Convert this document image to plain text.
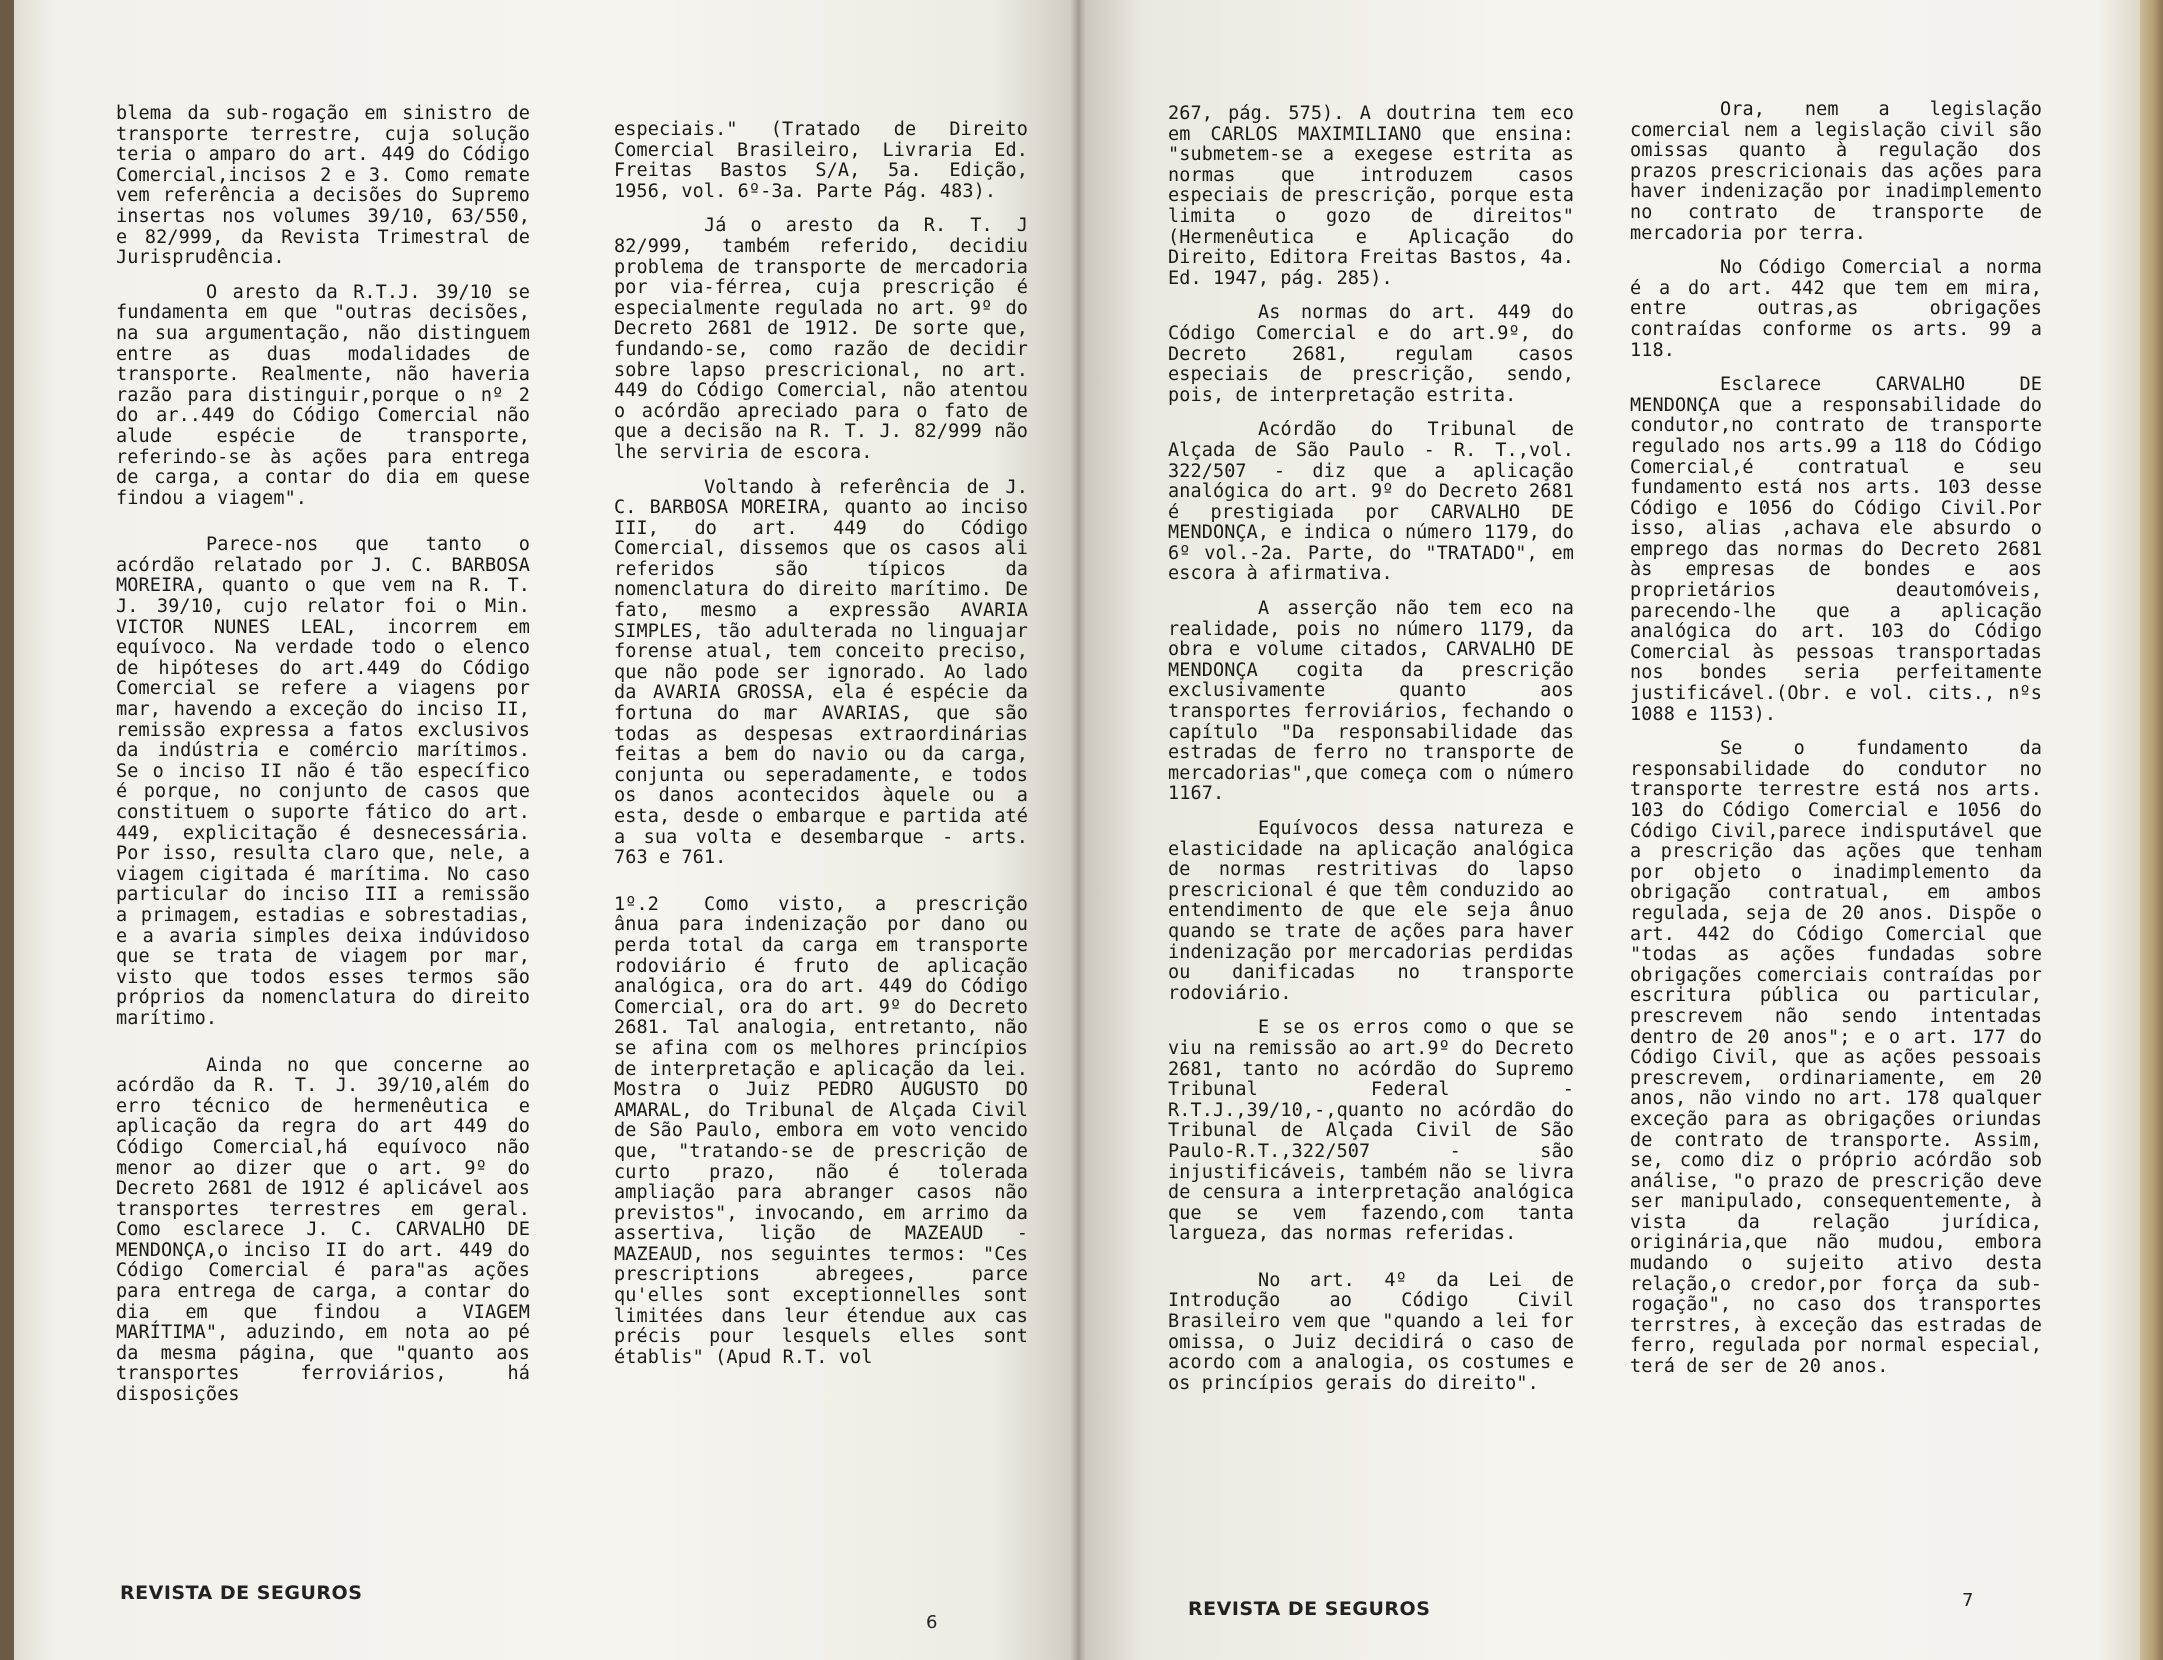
blema da sub-rogação em sinistro de transporte terrestre, cuja solução teria o amparo do art. 449 do Código Comercial,incisos 2 e 3. Como remate vem referência a decisões do Supremo insertas nos volumes 39/10, 63/550, e 82/999, da Revista Trimestral de Jurisprudência.

O aresto da R.T.J. 39/10 se fundamenta em que "outras decisões, na sua argumentação, não distinguem entre as duas modalidades de transporte. Realmente, não haveria razão para distinguir,porque o nº 2 do ar..449 do Código Comercial não alude espécie de transporte, referindo-se às ações para entrega de carga, a contar do dia em quese findou a viagem".

Parece-nos que tanto o acórdão relatado por J. C. BARBOSA MOREIRA, quanto o que vem na R. T. J. 39/10, cujo relator foi o Min. VICTOR NUNES LEAL, incorrem em equívoco. Na verdade todo o elenco de hipóteses do art.449 do Código Comercial se refere a viagens por mar, havendo a exceção do inciso II, remissão expressa a fatos exclusivos da indústria e comércio marítimos. Se o inciso II não é tão específico é porque, no conjunto de casos que constituem o suporte fático do art. 449, explicitação é desnecessária. Por isso, resulta claro que, nele, a viagem cigitada é marítima. No caso particular do inciso III a remissão a primagem, estadias e sobrestadias, e a avaria simples deixa indúvidoso que se trata de viagem por mar, visto que todos esses termos são próprios da nomenclatura do direito marítimo.

Ainda no que concerne ao acórdão da R. T. J. 39/10,além do erro técnico de hermenêutica e aplicação da regra do art 449 do Código Comercial,há equívoco não menor ao dizer que o art. 9º do Decreto 2681 de 1912 é aplicável aos transportes terrestres em geral. Como esclarece J. C. CARVALHO DE MENDONÇA,o inciso II do art. 449 do Código Comercial é para"as ações para entrega de carga, a contar do dia em que findou a VIAGEM MARÍTIMA", aduzindo, em nota ao pé da mesma página, que "quanto aos transportes ferroviários, há disposições

especiais." (Tratado de Direito Comercial Brasileiro, Livraria Ed. Freitas Bastos S/A, 5a. Edição, 1956, vol. 6º-3a. Parte Pág. 483).

Já o aresto da R. T. J 82/999, também referido, decidiu problema de transporte de mercadoria por via-férrea, cuja prescrição é especialmente regulada no art. 9º do Decreto 2681 de 1912. De sorte que, fundando-se, como razão de decidir sobre lapso prescricional, no art. 449 do Código Comercial, não atentou o acórdão apreciado para o fato de que a decisão na R. T. J. 82/999 não lhe serviria de escora.

Voltando à referência de J. C. BARBOSA MOREIRA, quanto ao inciso III, do art. 449 do Código Comercial, dissemos que os casos ali referidos são típicos da nomenclatura do direito marítimo. De fato, mesmo a expressão AVARIA SIMPLES, tão adulterada no linguajar forense atual, tem conceito preciso, que não pode ser ignorado. Ao lado da AVARIA GROSSA, ela é espécie da fortuna do mar AVARIAS, que são todas as despesas extraordinárias feitas a bem do navio ou da carga, conjunta ou seperadamente, e todos os danos acontecidos àquele ou a esta, desde o embarque e partida até a sua volta e desembarque - arts. 763 e 761.

1º.2 Como visto, a prescrição ânua para indenização por dano ou perda total da carga em transporte rodoviário é fruto de aplicação analógica, ora do art. 449 do Código Comercial, ora do art. 9º do Decreto 2681. Tal analogia, entretanto, não se afina com os melhores princípios de interpretação e aplicação da lei. Mostra o Juiz PEDRO AUGUSTO DO AMARAL, do Tribunal de Alçada Civil de São Paulo, embora em voto vencido que, "tratando-se de prescrição de curto prazo, não é tolerada ampliação para abranger casos não previstos", invocando, em arrimo da assertiva, lição de MAZEAUD - MAZEAUD, nos seguintes termos: "Ces prescriptions abregees, parce qu'elles sont exceptionnelles sont limitées dans leur étendue aux cas précis pour lesquels elles sont établis" (Apud R.T. vol

REVISTA DE SEGUROS
6

267, pág. 575). A doutrina tem eco em CARLOS MAXIMILIANO que ensina: "submetem-se a exegese estrita as normas que introduzem casos especiais de prescrição, porque esta limita o gozo de direitos" (Hermenêutica e Aplicação do Direito, Editora Freitas Bastos, 4a. Ed. 1947, pág. 285).

As normas do art. 449 do Código Comercial e do art.9º, do Decreto 2681, regulam casos especiais de prescrição, sendo, pois, de interpretação estrita.

Acórdão do Tribunal de Alçada de São Paulo - R. T.,vol. 322/507 - diz que a aplicação analógica do art. 9º do Decreto 2681 é prestigiada por CARVALHO DE MENDONÇA, e indica o número 1179, do 6º vol.-2a. Parte, do "TRATADO", em escora à afirmativa.

A asserção não tem eco na realidade, pois no número 1179, da obra e volume citados, CARVALHO DE MENDONÇA cogita da prescrição exclusivamente quanto aos transportes ferroviários, fechando o capítulo "Da responsabilidade das estradas de ferro no transporte de mercadorias",que começa com o número 1167.

Equívocos dessa natureza e elasticidade na aplicação analógica de normas restritivas do lapso prescricional é que têm conduzido ao entendimento de que ele seja ânuo quando se trate de ações para haver indenização por mercadorias perdidas ou danificadas no transporte rodoviário.

E se os erros como o que se viu na remissão ao art.9º do Decreto 2681, tanto no acórdão do Supremo Tribunal Federal -R.T.J.,39/10,-,quanto no acórdão do Tribunal de Alçada Civil de São Paulo-R.T.,322/507 - são injustificáveis, também não se livra de censura a interpretação analógica que se vem fazendo,com tanta largueza, das normas referidas.

No art. 4º da Lei de Introdução ao Código Civil Brasileiro vem que "quando a lei for omissa, o Juiz decidirá o caso de acordo com a analogia, os costumes e os princípios gerais do direito".

Ora, nem a legislação comercial nem a legislação civil são omissas quanto à regulação dos prazos prescricionais das ações para haver indenização por inadimplemento no contrato de transporte de mercadoria por terra.

No Código Comercial a norma é a do art. 442 que tem em mira, entre outras,as obrigações contraídas conforme os arts. 99 a 118.

Esclarece CARVALHO DE MENDONÇA que a responsabilidade do condutor,no contrato de transporte regulado nos arts.99 a 118 do Código Comercial,é contratual e seu fundamento está nos arts. 103 desse Código e 1056 do Código Civil.Por isso, alias ,achava ele absurdo o emprego das normas do Decreto 2681 às empresas de bondes e aos proprietários deautomóveis, parecendo-lhe que a aplicação analógica do art. 103 do Código Comercial às pessoas transportadas nos bondes seria perfeitamente justificável.(Obr. e vol. cits., nºs 1088 e 1153).

Se o fundamento da responsabilidade do condutor no transporte terrestre está nos arts. 103 do Código Comercial e 1056 do Código Civil,parece indisputável que a prescrição das ações que tenham por objeto o inadimplemento da obrigação contratual, em ambos regulada, seja de 20 anos. Dispõe o art. 442 do Código Comercial que "todas as ações fundadas sobre obrigações comerciais contraídas por escritura pública ou particular, prescrevem não sendo intentadas dentro de 20 anos"; e o art. 177 do Código Civil, que as ações pessoais prescrevem, ordinariamente, em 20 anos, não vindo no art. 178 qualquer exceção para as obrigações oriundas de contrato de transporte. Assim, se, como diz o próprio acórdão sob análise, "o prazo de prescrição deve ser manipulado, consequentemente, à vista da relação jurídica, originária,que não mudou, embora mudando o sujeito ativo desta relação,o credor,por força da sub-rogação", no caso dos transportes terrstres, à exceção das estradas de ferro, regulada por normal especial, terá de ser de 20 anos.

REVISTA DE SEGUROS	7
